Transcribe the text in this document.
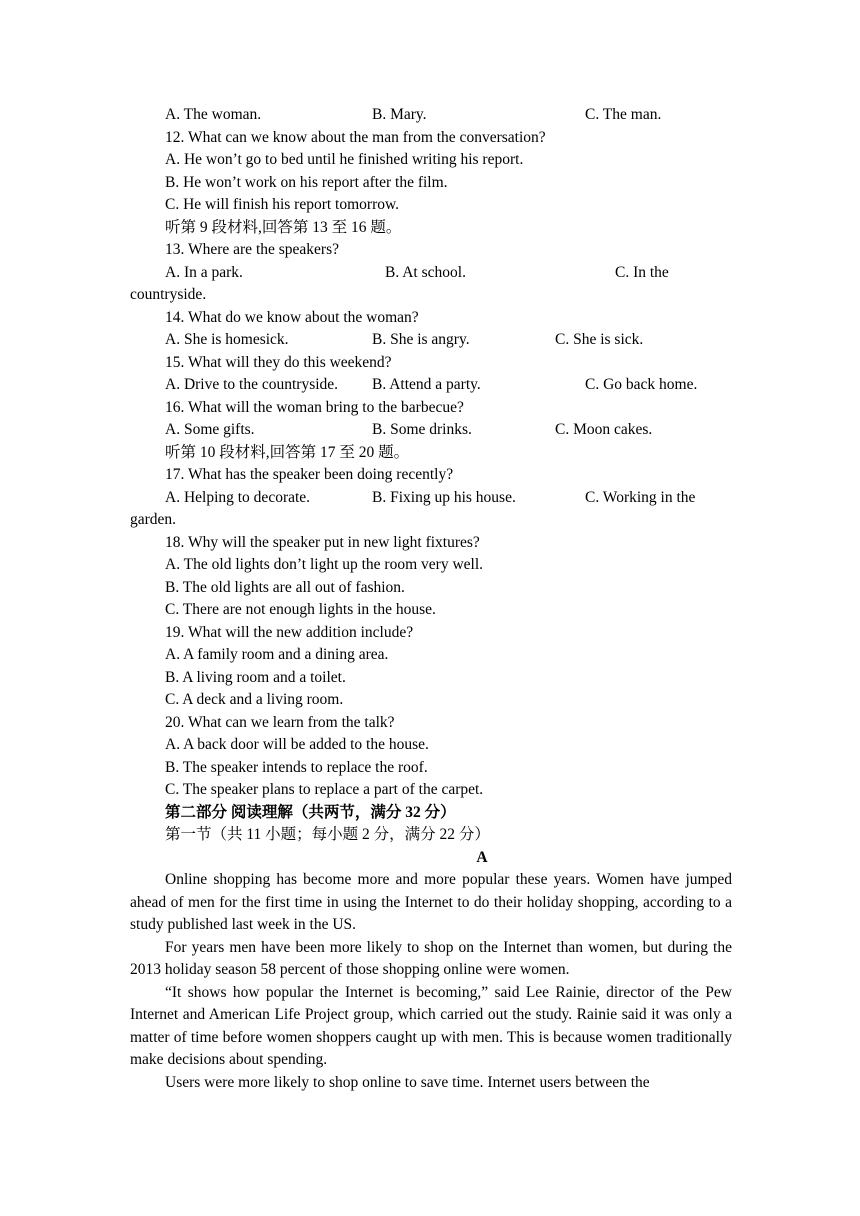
A. The woman.	B. Mary.	C. The man.
12. What can we know about the man from the conversation?
A. He won’t go to bed until he finished writing his report.
B. He won’t work on his report after the film.
C. He will finish his report tomorrow.
听第 9 段材料,回答第 13 至 16 题。
13. Where are the speakers?
A. In a park.	B. At school.	C. In the
countryside.
14. What do we know about the woman?
A. She is homesick.	B. She is angry.	C. She is sick.
15. What will they do this weekend?
A. Drive to the countryside. B. Attend a party.	C. Go back home.
16. What will the woman bring to the barbecue?
A. Some gifts.	B. Some drinks.	C. Moon cakes.
听第 10 段材料,回答第 17 至 20 题。
17. What has the speaker been doing recently?
A. Helping to decorate.	B. Fixing up his house.	C. Working in the
garden.
18. Why will the speaker put in new light fixtures?
A. The old lights don’t light up the room very well.
B. The old lights are all out of fashion.
C. There are not enough lights in the house.
19. What will the new addition include?
A. A family room and a dining area.
B. A living room and a toilet.
C. A deck and a living room.
20. What can we learn from the talk?
A. A back door will be added to the house.
B. The speaker intends to replace the roof.
C. The speaker plans to replace a part of the carpet.
第二部分 阅读理解（共两节，满分 32 分）
第一节（共 11 小题；每小题 2 分，满分 22 分）
A
Online shopping has become more and more popular these years. Women have jumped ahead of men for the first time in using the Internet to do their holiday shopping, according to a study published last week in the US.
For years men have been more likely to shop on the Internet than women, but during the 2013 holiday season 58 percent of those shopping online were women.
“It shows how popular the Internet is becoming,” said Lee Rainie, director of the Pew Internet and American Life Project group, which carried out the study. Rainie said it was only a matter of time before women shoppers caught up with men. This is because women traditionally make decisions about spending.
Users were more likely to shop online to save time. Internet users between the
